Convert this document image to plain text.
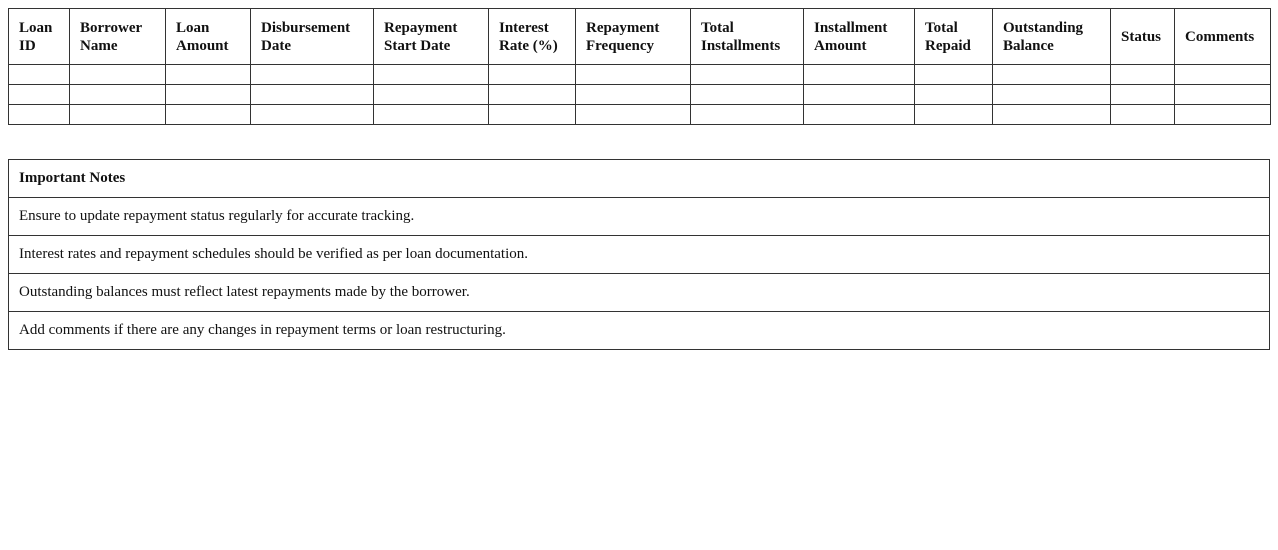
Loan ID	Borrower Name	Loan Amount	Disbursement Date	Repayment Start Date	Interest Rate (%)	Repayment Frequency	Total Installments	Installment Amount	Total Repaid	Outstanding Balance	Status	Comments

Important Notes
Ensure to update repayment status regularly for accurate tracking.
Interest rates and repayment schedules should be verified as per loan documentation.
Outstanding balances must reflect latest repayments made by the borrower.
Add comments if there are any changes in repayment terms or loan restructuring.
